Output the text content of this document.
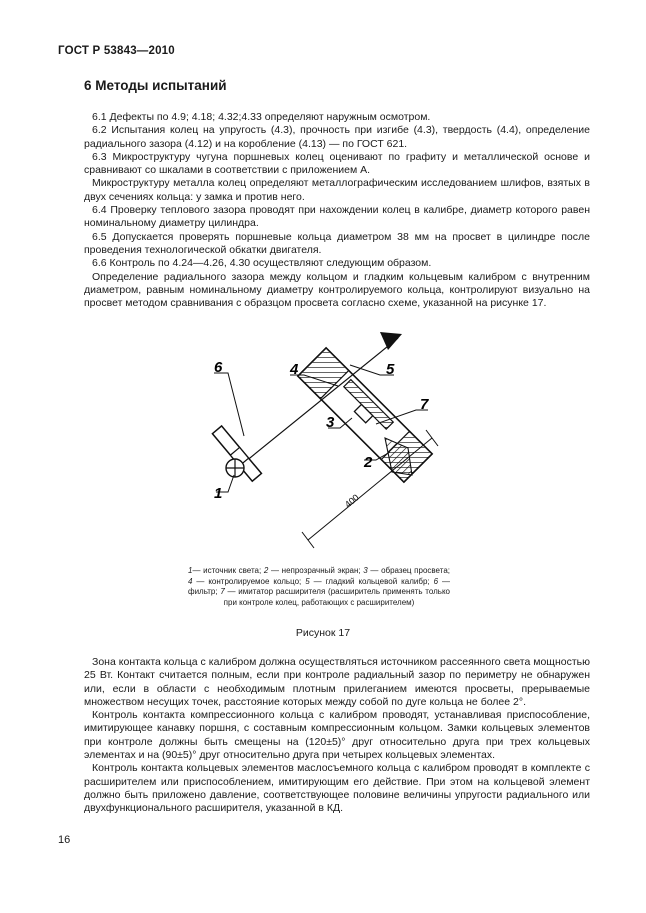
ГОСТ Р 53843—2010
6 Методы испытаний

6.1 Дефекты по 4.9; 4.18; 4.32;4.33 определяют наружным осмотром.

6.2 Испытания колец на упругость (4.3), прочность при изгибе (4.3), твердость (4.4), определение радиального зазора (4.12) и на коробление (4.13) — по ГОСТ 621.

6.3 Микроструктуру чугуна поршневых колец оценивают по графиту и металлической основе и сравнивают со шкалами в соответствии с приложением А.

Микроструктуру металла колец определяют металлографическим исследованием шлифов, взятых в двух сечениях кольца: у замка и против него.

6.4 Проверку теплового зазора проводят при нахождении колец в калибре, диаметр которого равен номинальному диаметру цилиндра.

6.5 Допускается проверять поршневые кольца диаметром 38 мм на просвет в цилиндре после проведения технологической обкатки двигателя.

6.6 Контроль по 4.24—4.26, 4.30 осуществляют следующим образом.

Определение радиального зазора между кольцом и гладким кольцевым калибром с внутренним диаметром, равным номинальному диаметру контролируемого кольца, контролируют визуально на просвет методом сравнивания с образцом просвета согласно схеме, указанной на рисунке 17.

400
6
1
4	5
7
3
2
1— источник света; 2 — непрозрачный экран; 3 — образец просвета; 4 — контролируемое кольцо; 5 — гладкий кольцевой калибр; 6 — фильтр; 7 — имитатор расширителя (расширитель применять только при контроле колец, работающих с расширителем)
Рисунок 17

Зона контакта кольца с калибром должна осуществляться источником рассеянного света мощностью 25 Вт. Контакт считается полным, если при контроле радиальный зазор по периметру не обнаружен или, если в области с необходимым плотным прилеганием имеются просветы, прерываемые множеством несущих точек, расстояние которых между собой по дуге кольца не более 2°.

Контроль контакта компрессионного кольца с калибром проводят, устанавливая приспособление, имитирующее канавку поршня, с составным компрессионным кольцом. Замки кольцевых элементов при контроле должны быть смещены на (120±5)° друг относительно друга при трех кольцевых элементах и на (90±5)° друг относительно друга при четырех кольцевых элементах.

Контроль контакта кольцевых элементов маслосъемного кольца с калибром проводят в комплекте с расширителем или приспособлением, имитирующим его действие. При этом на кольцевой элемент должно быть приложено давление, соответствующее половине величины упругости радиального или двухфункционального расширителя, указанной в КД.

16
